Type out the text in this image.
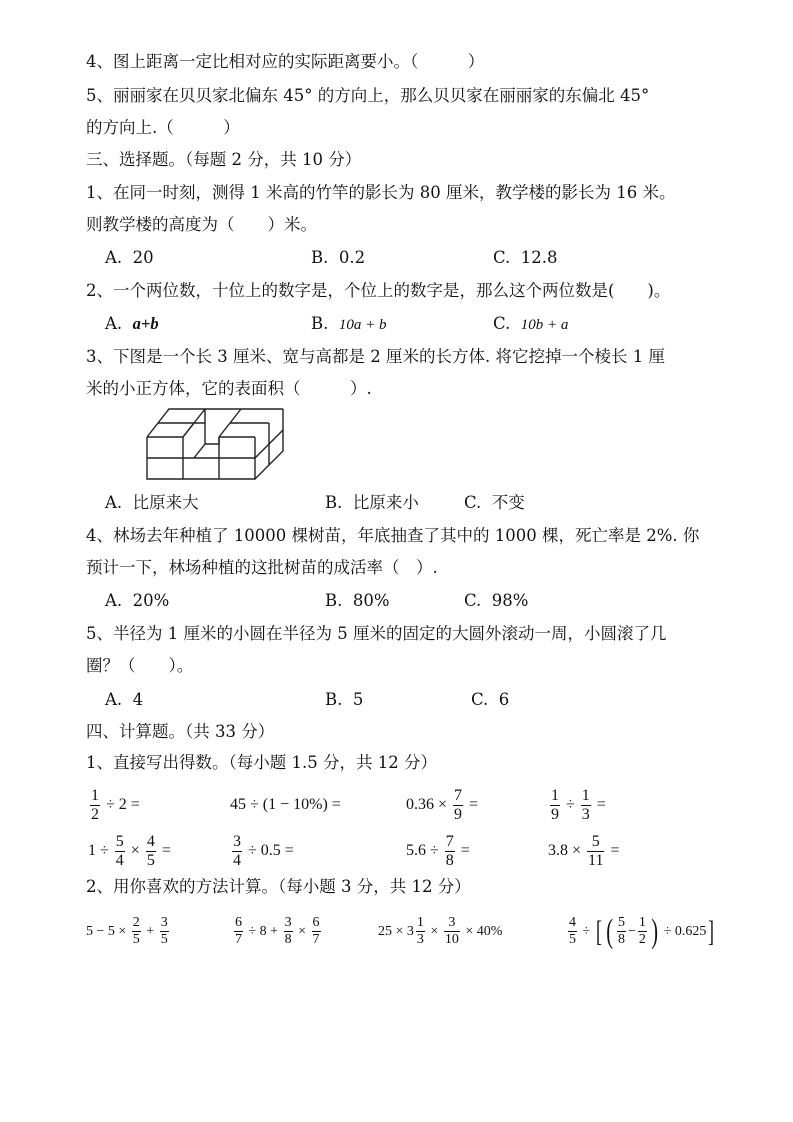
4、图上距离一定比相对应的实际距离要小。（　　　）
5、丽丽家在贝贝家北偏东 45° 的方向上，那么贝贝家在丽丽家的东偏北 45°
的方向上.（　　　）
三、选择题。（每题 2 分，共 10 分）
1、在同一时刻，测得 1 米高的竹竿的影长为 80 厘米，教学楼的影长为 16 米。
则教学楼的高度为（　　）米。
A. 20	B. 0.2	C. 12.8
2、一个两位数，十位上的数字是，个位上的数字是，那么这个两位数是(　　)。
A. a+b	B. 10a + b	C. 10b + a
3、下图是一个长 3 厘米、宽与高都是 2 厘米的长方体. 将它挖掉一个棱长 1 厘
米的小正方体，它的表面积（　　　）.
A. 比原来大	B. 比原来小	C. 不变
4、林场去年种植了 10000 棵树苗，年底抽查了其中的 1000 棵，死亡率是 2%. 你
预计一下，林场种植的这批树苗的成活率（　）.
A. 20%	B. 80%	C. 98%
5、半径为 1 厘米的小圆在半径为 5 厘米的固定的大圆外滚动一周，小圆滚了几
圈？（　　）。
A. 4	B. 5	C. 6
四、计算题。（共 33 分）
1、直接写出得数。（每小题 1.5 分，共 12 分）
$\frac{1}{2} \div 2$ =	45 ÷ (1 − 10%) =	$0.36 \times \frac{7}{9}$ =	$\frac{1}{9} \div \frac{1}{3}$ =
$1 \div \frac{5}{4} \times \frac{4}{5}$ =	$\frac{3}{4} \div 0.5$ =	$5.6 \div \frac{7}{8}$ =	$3.8 \times \frac{5}{11}$ =
2、用你喜欢的方法计算。（每小题 3 分，共 12 分）
$5 - 5 \times \frac{2}{5} + \frac{3}{5}$	$\frac{6}{7} \div 8 + \frac{3}{8} \times \frac{6}{7}$	$25 \times 3 \frac{1}{3} \times \frac{3}{10} \times 40\%$	$\frac{4}{5}$ ÷ [ ( $\frac{5}{8} - \frac{1}{2}$ ) ÷ 0.625]
